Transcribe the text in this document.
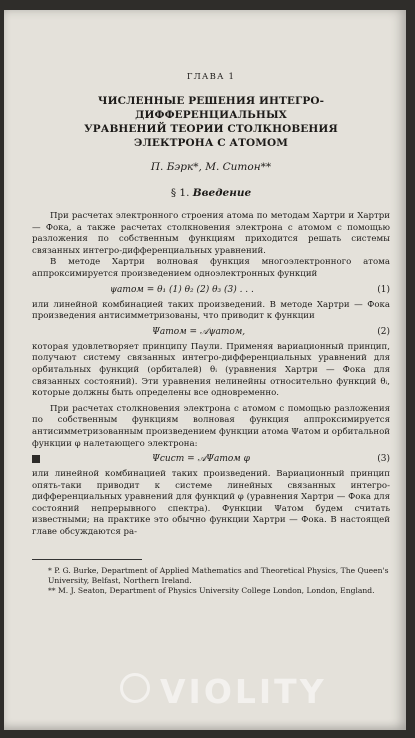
ГЛАВА 1
ЧИСЛЕННЫЕ РЕШЕНИЯ ИНТЕГРО-ДИФФЕРЕНЦИАЛЬНЫХ
УРАВНЕНИЙ ТЕОРИИ СТОЛКНОВЕНИЯ
ЭЛЕКТРОНА С АТОМОМ
П. Бэрк*, М. Ситон**
§ 1. Введение

При расчетах электронного строения атома по методам Хартри и Хартри — Фока, а также расчетах столкновения электрона с атомом с помощью разложения по собственным функциям приходится решать системы связанных интегро-дифференциальных уравнений.

В методе Хартри волновая функция многоэлектронного атома аппроксимируется произведением одноэлектронных функций

ψатом = θ₁ (1) θ₂ (2) θ₃ (3) . . .	(1)

или линейной комбинацией таких произведений. В методе Хартри — Фока произведения антисимметризованы, что приводит к функции

Ψатом = 𝒜ψатом,	(2)

которая удовлетворяет принципу Паули. Применяя вариационный принцип, получают систему связанных интегро-дифференциальных уравнений для орбитальных функций (орбиталей) θᵢ (уравнения Хартри — Фока для связанных состояний). Эти уравнения нелинейны относительно функций θᵢ, которые должны быть определены все одновременно.

При расчетах столкновения электрона с атомом с помощью разложения по собственным функциям волновая функция аппроксимируется антисимметризованным произведением функции атома Ψатом и орбитальной функции φ налетающего электрона:

Ψсист = 𝒜Ψатом φ	(3)

или линейной комбинацией таких произведений. Вариационный принцип опять-таки приводит к системе линейных связанных интегро-дифференциальных уравнений для функций φ (уравнения Хартри — Фока для состояний непрерывного спектра). Функции Ψатом будем считать известными; на практике это обычно функции Хартри — Фока. В настоящей главе обсуждаются ра-

* P. G. Burke, Department of Applied Mathematics and Theoretical Physics, The Queen's University, Belfast, Northern Ireland.
** M. J. Seaton, Department of Physics University College London, London, England.
VIOLITY
